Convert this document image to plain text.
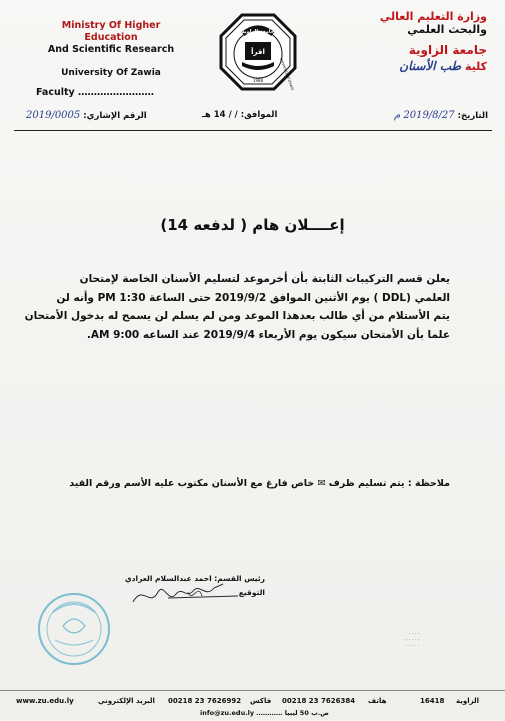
Ministry Of Higher Education
And Scientific Research
University Of Zawia
Faculty ……………………
وزارة التعليم العالي
والبحث العلمي
جامعة الزاوية
كلية طب الأسنان
جامعة الزاوية
اقرأ
University of Zawia
1988
التاريخ: 2019/8/27 م
الموافق: / / 14 هـ
الرقم الإشاري: 2019/0005
إعــــلان هام ( لدفعه 14)
يعلن قسم التركيبات الثابتة بأن أخرموعد لتسليم الأسنان الخاصة لإمتحان
العلمي (DDL ) يوم الأثنين الموافق 2019/9/2 حتى الساعة PM 1:30 وأنه لن
يتم الأستلام من أي طالب بعدهذا الموعد ومن لم يسلم لن يسمح له بدخول الأمتحان
علما بأن الأمتحان سيكون يوم الأربعاء 2019/9/4 عند الساعه AM 9:00.
ملاحظة : يتم تسليم ظرف ✉ خاص فارغ مع الأسنان مكتوب عليه الأسم ورقم القيد
رئيس القسم: احمد عبدالسلام العرادي
التوقيع
· · · ·
· · · · · ·
· · · · ·
www.zu.edu.ly	البريد الإلكتروني 00218 23 7626992 فاكس 00218 23 7626384 هاتف	16418 الزاوية
info@zu.edu.ly ………… ص.ب 50 ليبيا
